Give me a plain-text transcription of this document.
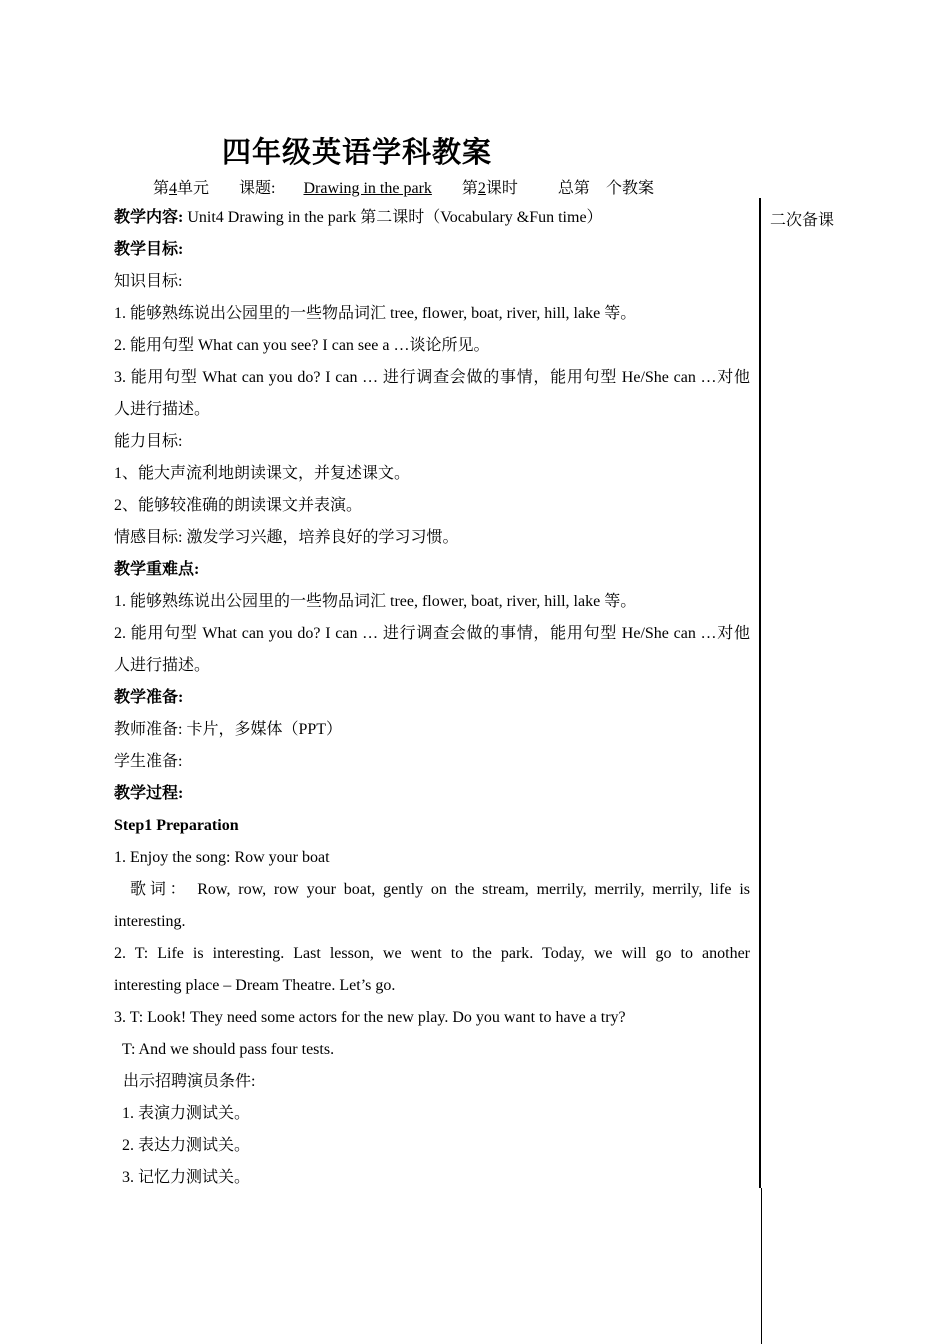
四年级英语学科教案
第4单元 课题: Drawing in the park 第2课时	总第 个教案
二次备课
教学内容: Unit4 Drawing in the park 第二课时（Vocabulary &Fun time）
教学目标:
知识目标:
1. 能够熟练说出公园里的一些物品词汇 tree, flower, boat, river, hill, lake 等。
2. 能用句型 What can you see? I can see a …谈论所见。
3. 能用句型 What can you do? I can … 进行调查会做的事情，能用句型 He/She can …对他
人进行描述。
能力目标:
1、能大声流利地朗读课文，并复述课文。
2、能够较准确的朗读课文并表演。
情感目标: 激发学习兴趣，培养良好的学习习惯。
教学重难点:
1. 能够熟练说出公园里的一些物品词汇 tree, flower, boat, river, hill, lake 等。
2. 能用句型 What can you do? I can … 进行调查会做的事情，能用句型 He/She can …对他
人进行描述。
教学准备:
教师准备: 卡片，多媒体（PPT）
学生准备:
教学过程:
Step1 Preparation
1. Enjoy the song: Row your boat
歌词： Row, row, row your boat, gently on the stream, merrily, merrily, merrily, life is
interesting.
2. T: Life is interesting. Last lesson, we went to the park. Today, we will go to another
interesting place – Dream Theatre. Let’s go.
3. T: Look! They need some actors for the new play. Do you want to have a try?
T: And we should pass four tests.
出示招聘演员条件:
1. 表演力测试关。
2. 表达力测试关。
3. 记忆力测试关。
